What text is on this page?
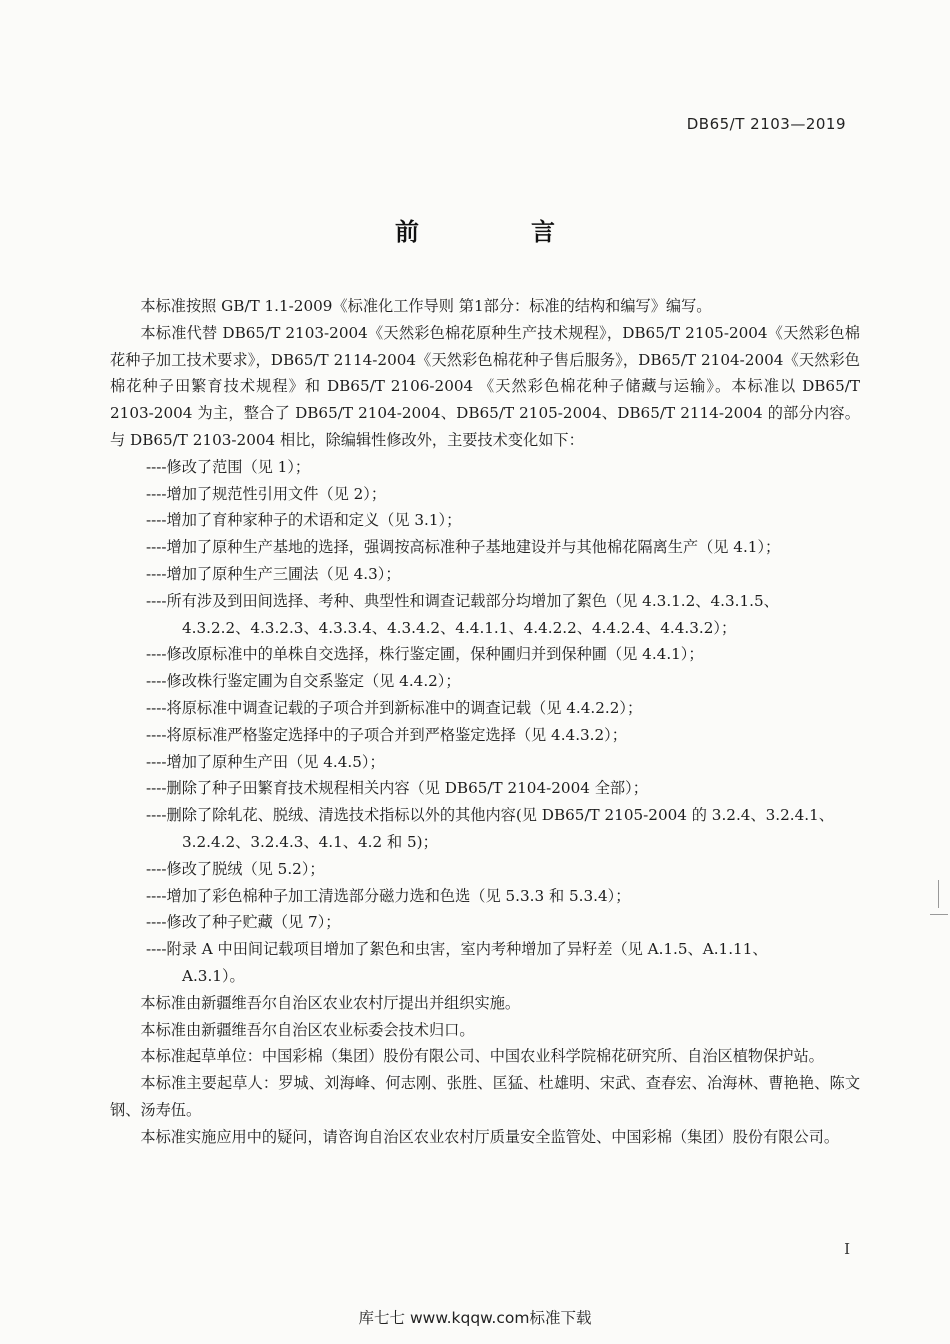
DB65/T 2103—2019
前　言

本标准按照 GB/T 1.1-2009《标准化工作导则 第1部分：标准的结构和编写》编写。

本标准代替 DB65/T 2103-2004《天然彩色棉花原种生产技术规程》，DB65/T 2105-2004《天然彩色棉花种子加工技术要求》，DB65/T 2114-2004《天然彩色棉花种子售后服务》，DB65/T 2104-2004《天然彩色棉花种子田繁育技术规程》和 DB65/T 2106-2004 《天然彩色棉花种子储藏与运输》。本标准以 DB65/T 2103-2004 为主，整合了 DB65/T 2104-2004、DB65/T 2105-2004、DB65/T 2114-2004 的部分内容。与 DB65/T 2103-2004 相比，除编辑性修改外，主要技术变化如下：

----修改了范围（见 1）；

----增加了规范性引用文件（见 2）；

----增加了育种家种子的术语和定义（见 3.1）；

----增加了原种生产基地的选择，强调按高标准种子基地建设并与其他棉花隔离生产（见 4.1）；

----增加了原种生产三圃法（见 4.3）；

----所有涉及到田间选择、考种、典型性和调查记载部分均增加了絮色（见 4.3.1.2、4.3.1.5、

4.3.2.2、4.3.2.3、4.3.3.4、4.3.4.2、4.4.1.1、4.4.2.2、4.4.2.4、4.4.3.2）；

----修改原标准中的单株自交选择，株行鉴定圃，保种圃归并到保种圃（见 4.4.1）；

----修改株行鉴定圃为自交系鉴定（见 4.4.2）；

----将原标准中调查记载的子项合并到新标准中的调查记载（见 4.4.2.2）；

----将原标准严格鉴定选择中的子项合并到严格鉴定选择（见 4.4.3.2）；

----增加了原种生产田（见 4.4.5）；

----删除了种子田繁育技术规程相关内容（见 DB65/T 2104-2004 全部）；

----删除了除轧花、脱绒、清选技术指标以外的其他内容(见 DB65/T 2105-2004 的 3.2.4、3.2.4.1、

3.2.4.2、3.2.4.3、4.1、4.2 和 5)；

----修改了脱绒（见 5.2）；

----增加了彩色棉种子加工清选部分磁力选和色选（见 5.3.3 和 5.3.4）；

----修改了种子贮藏（见 7）；

----附录 A 中田间记载项目增加了絮色和虫害，室内考种增加了异籽差（见 A.1.5、A.1.11、

A.3.1）。

本标准由新疆维吾尔自治区农业农村厅提出并组织实施。

本标准由新疆维吾尔自治区农业标委会技术归口。

本标准起草单位：中国彩棉（集团）股份有限公司、中国农业科学院棉花研究所、自治区植物保护站。

本标准主要起草人：罗城、刘海峰、何志刚、张胜、匡猛、杜雄明、宋武、查春宏、冶海林、曹艳艳、陈文钢、汤寿伍。

本标准实施应用中的疑问，请咨询自治区农业农村厅质量安全监管处、中国彩棉（集团）股份有限公司。

I
库七七 www.kqqw.com标准下载
